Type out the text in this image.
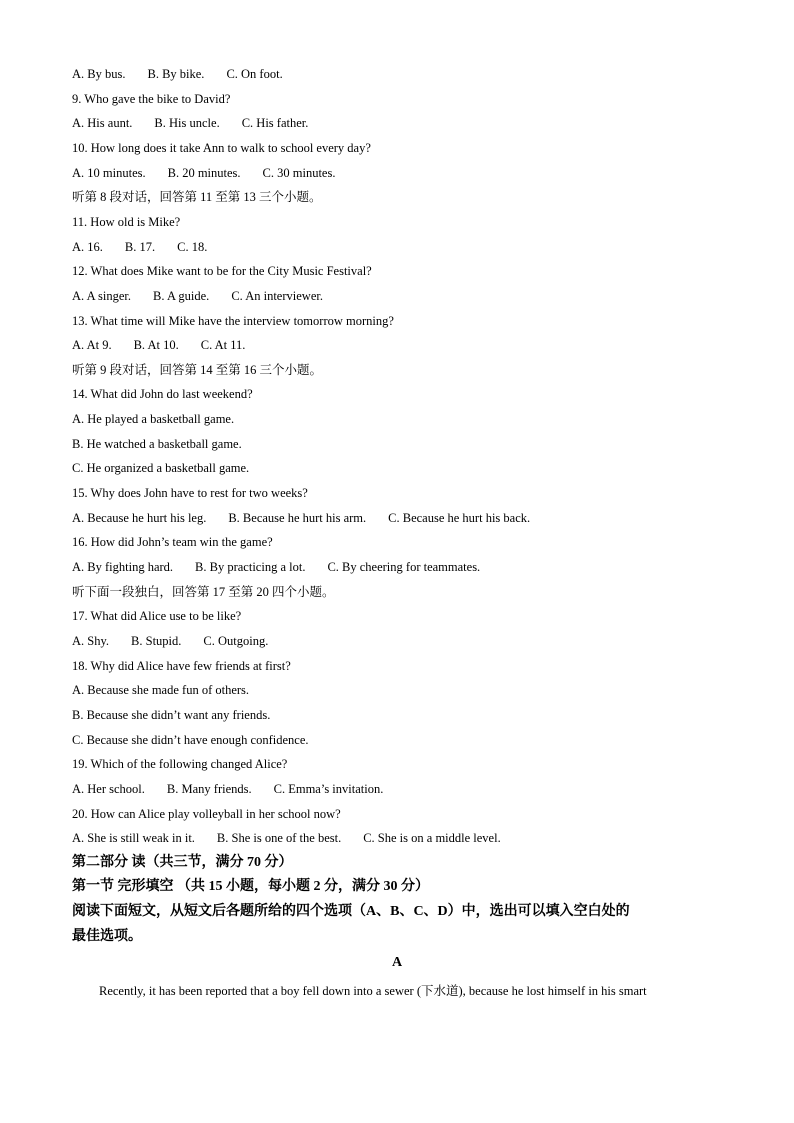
A. By bus. B. By bike. C. On foot.
9. Who gave the bike to David?
A. His aunt. B. His uncle. C. His father.
10. How long does it take Ann to walk to school every day?
A. 10 minutes. B. 20 minutes. C. 30 minutes.
听第 8 段对话，回答第 11 至第 13 三个小题。
11. How old is Mike?
A. 16. B. 17. C. 18.
12. What does Mike want to be for the City Music Festival?
A. A singer. B. A guide. C. An interviewer.
13. What time will Mike have the interview tomorrow morning?
A. At 9. B. At 10. C. At 11.
听第 9 段对话，回答第 14 至第 16 三个小题。
14. What did John do last weekend?
A. He played a basketball game.
B. He watched a basketball game.
C. He organized a basketball game.
15. Why does John have to rest for two weeks?
A. Because he hurt his leg. B. Because he hurt his arm. C. Because he hurt his back.
16. How did John’s team win the game?
A. By fighting hard. B. By practicing a lot. C. By cheering for teammates.
听下面一段独白，回答第 17 至第 20 四个小题。
17. What did Alice use to be like?
A. Shy. B. Stupid. C. Outgoing.
18. Why did Alice have few friends at first?
A. Because she made fun of others.
B. Because she didn’t want any friends.
C. Because she didn’t have enough confidence.
19. Which of the following changed Alice?
A. Her school. B. Many friends. C. Emma’s invitation.
20. How can Alice play volleyball in her school now?
A. She is still weak in it. B. She is one of the best. C. She is on a middle level.
第二部分 读（共三节，满分 70 分）
第一节 完形填空 （共 15 小题，每小题 2 分，满分 30 分）
阅读下面短文，从短文后各题所给的四个选项（A、B、C、D）中，选出可以填入空白处的
最佳选项。
A
Recently, it has been reported that a boy fell down into a sewer (下水道), because he lost himself in his smart
